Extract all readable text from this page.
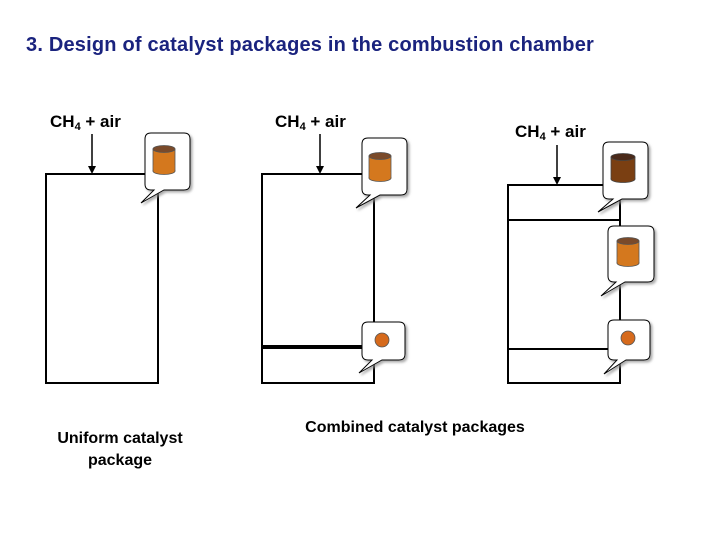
3. Design of catalyst packages in the combustion chamber
$CH_4$ + air	$CH_4$ + air
$CH_4$ + air
Uniform catalyst
package
Combined catalyst packages
